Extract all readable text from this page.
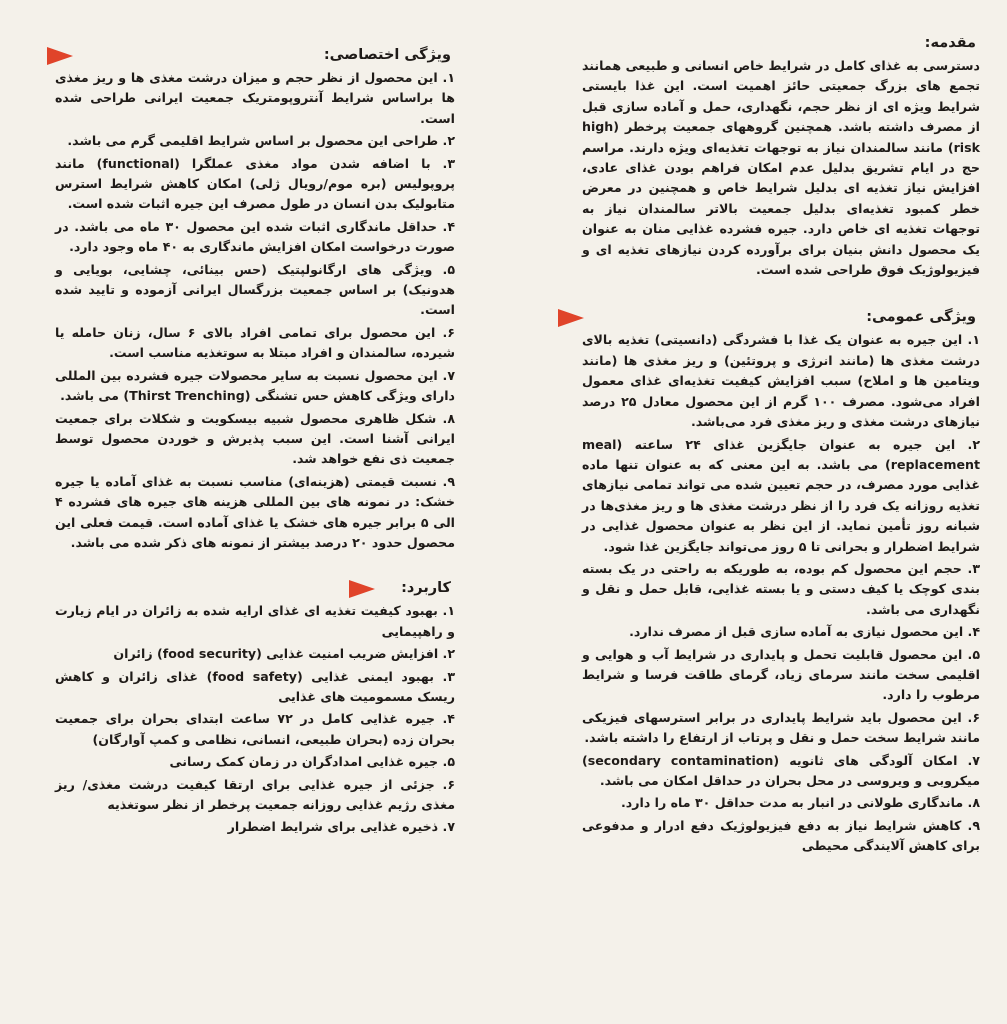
مقدمه:
دسترسی به غذای کامل در شرایط خاص انسانی و طبیعی همانند تجمع های بزرگ جمعیتی حائز اهمیت است. این غذا بایستی شرایط ویژه ای از نظر حجم، نگهداری، حمل و آماده سازی قبل از مصرف داشته باشد. همچنین گروههای جمعیت پرخطر (high risk) مانند سالمندان نیاز به توجهات تغذیه‌ای ویژه دارند. مراسم حج در ایام تشریق بدلیل عدم امکان فراهم بودن غذای عادی، افزایش نیاز تغذیه ای بدلیل شرایط خاص و همچنین در معرض خطر کمبود تغذیه‌ای بدلیل جمعیت بالاتر سالمندان نیاز به توجهات تغذیه ای خاص دارد. جیره فشرده غذایی منان به عنوان یک محصول دانش بنیان برای برآورده کردن نیازهای تغذیه ای و فیزیولوژیک فوق طراحی شده است.
ویژگی عمومی:
۱. این جیره به عنوان یک غذا با فشردگی (دانسیتی) تغذیه بالای درشت مغذی ها (مانند انرژی و پروتئین) و ریز مغذی ها (مانند ویتامین ها و املاح) سبب افزایش کیفیت تغذیه‌ای غذای معمول افراد می‌شود. مصرف ۱۰۰ گرم از این محصول معادل ۲۵ درصد نیازهای درشت مغذی و ریز مغذی فرد می‌باشد.
۲. این جیره به عنوان جایگزین غذای ۲۴ ساعته (meal replacement) می باشد. به این معنی که به عنوان تنها ماده غذایی مورد مصرف، در حجم تعیین شده می تواند تمامی نیازهای تغذیه روزانه یک فرد را از نظر درشت مغذی ها و ریز مغذی‌ها در شبانه روز تأمین نماید. از این نظر به عنوان محصول غذایی در شرایط اضطرار و بحرانی تا ۵ روز می‌تواند جایگزین غذا شود.
۳. حجم این محصول کم بوده، به طوریکه به راحتی در یک بسته بندی کوچک یا کیف دستی و یا بسته غذایی، قابل حمل و نقل و نگهداری می باشد.
۴. این محصول نیازی به آماده سازی قبل از مصرف ندارد.
۵. این محصول قابلیت تحمل و پایداری در شرایط آب و هوایی و اقلیمی سخت مانند سرمای زیاد، گرمای طاقت فرسا و شرایط مرطوب را دارد.
۶. این محصول باید شرایط پایداری در برابر استرسهای فیزیکی مانند شرایط سخت حمل و نقل و پرتاب از ارتفاع را داشته باشد.
۷. امکان آلودگی های ثانویه (secondary contamination) میکروبی و ویروسی در محل بحران در حداقل امکان می باشد.
۸. ماندگاری طولانی در انبار به مدت حداقل ۳۰ ماه را دارد.
۹. کاهش شرایط نیاز به دفع فیزیولوژیک دفع ادرار و مدفوعی برای کاهش آلایندگی محیطی
ویژگی اختصاصی:
۱. این محصول از نظر حجم و میزان درشت مغذی ها و ریز مغذی ها براساس شرایط آنتروپومتریک جمعیت ایرانی طراحی شده است.
۲. طراحی این محصول بر اساس شرایط اقلیمی گرم می باشد.
۳. با اضافه شدن مواد مغذی عملگرا (functional) مانند پروپولیس (بره موم/رویال ژلی) امکان کاهش شرایط استرس متابولیک بدن انسان در طول مصرف این جیره اثبات شده است.
۴. حداقل ماندگاری اثبات شده این محصول ۳۰ ماه می باشد. در صورت درخواست امکان افزایش ماندگاری به ۴۰ ماه وجود دارد.
۵. ویژگی های ارگانولپتیک (حس بینائی، چشایی، بویایی و هدونیک) بر اساس جمعیت بزرگسال ایرانی آزموده و تایید شده است.
۶. این محصول برای تمامی افراد بالای ۶ سال، زنان حامله یا شیرده، سالمندان و افراد مبتلا به سوتغذیه مناسب است.
۷. این محصول نسبت به سایر محصولات جیره فشرده بین المللی دارای ویژگی کاهش حس تشنگی (Thirst Trenching) می باشد.
۸. شکل ظاهری محصول شبیه بیسکویت و شکلات برای جمعیت ایرانی آشنا است. این سبب پذیرش و خوردن محصول توسط جمعیت ذی نفع خواهد شد.
۹. نسبت قیمتی (هزینه‌ای) مناسب نسبت به غذای آماده یا جیره خشک: در نمونه های بین المللی هزینه های جیره های فشرده ۴ الی ۵ برابر جیره های خشک یا غذای آماده است. قیمت فعلی این محصول حدود ۲۰ درصد بیشتر از نمونه های ذکر شده می باشد.
کاربرد:
۱. بهبود کیفیت تغذیه ای غذای ارایه شده به زائران در ایام زیارت و راهپیمایی
۲. افزایش ضریب امنیت غذایی (food security) زائران
۳. بهبود ایمنی غذایی (food safety) غذای زائران و کاهش ریسک مسمومیت های غذایی
۴. جیره غذایی کامل در ۷۲ ساعت ابتدای بحران برای جمعیت بحران زده (بحران طبیعی، انسانی، نظامی و کمپ آوارگان)
۵. جیره غذایی امدادگران در زمان کمک رسانی
۶. جزئی از جیره غذایی برای ارتقا کیفیت درشت مغذی/ ریز مغذی رژیم غذایی روزانه جمعیت پرخطر از نظر سوتغذیه
۷. ذخیره غذایی برای شرایط اضطرار
